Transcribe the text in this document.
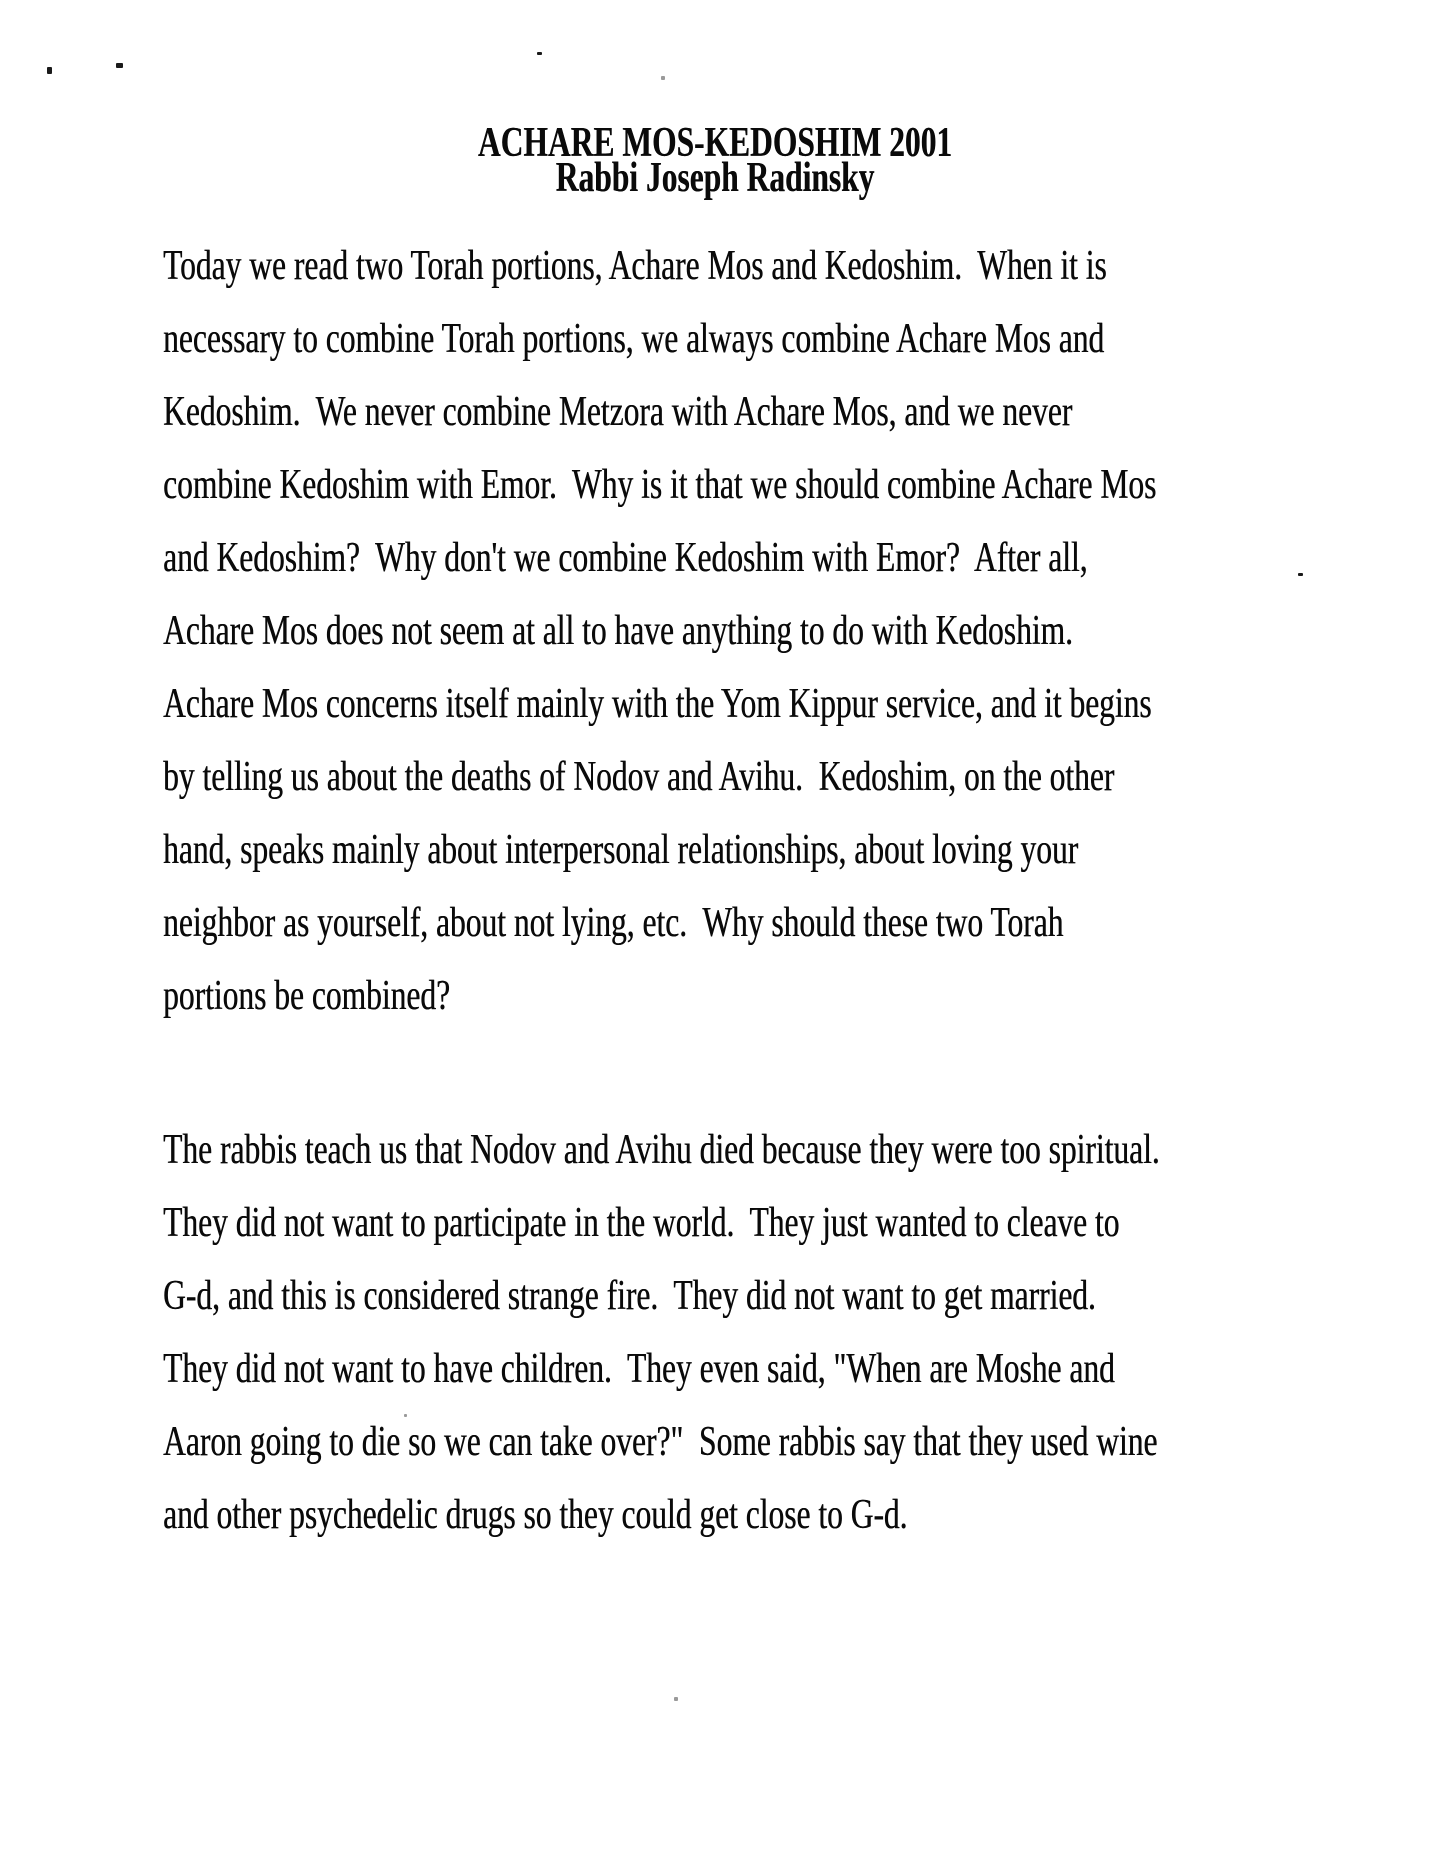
ACHARE MOS-KEDOSHIM 2001
Rabbi Joseph Radinsky
Today we read two Torah portions, Achare Mos and Kedoshim.  When it is
necessary to combine Torah portions, we always combine Achare Mos and
Kedoshim.  We never combine Metzora with Achare Mos, and we never
combine Kedoshim with Emor.  Why is it that we should combine Achare Mos
and Kedoshim?  Why don't we combine Kedoshim with Emor?  After all,
Achare Mos does not seem at all to have anything to do with Kedoshim.
Achare Mos concerns itself mainly with the Yom Kippur service, and it begins
by telling us about the deaths of Nodov and Avihu.  Kedoshim, on the other
hand, speaks mainly about interpersonal relationships, about loving your
neighbor as yourself, about not lying, etc.  Why should these two Torah
portions be combined?
The rabbis teach us that Nodov and Avihu died because they were too spiritual.
They did not want to participate in the world.  They just wanted to cleave to
G-d, and this is considered strange fire.  They did not want to get married.
They did not want to have children.  They even said, "When are Moshe and
Aaron going to die so we can take over?"  Some rabbis say that they used wine
and other psychedelic drugs so they could get close to G-d.
